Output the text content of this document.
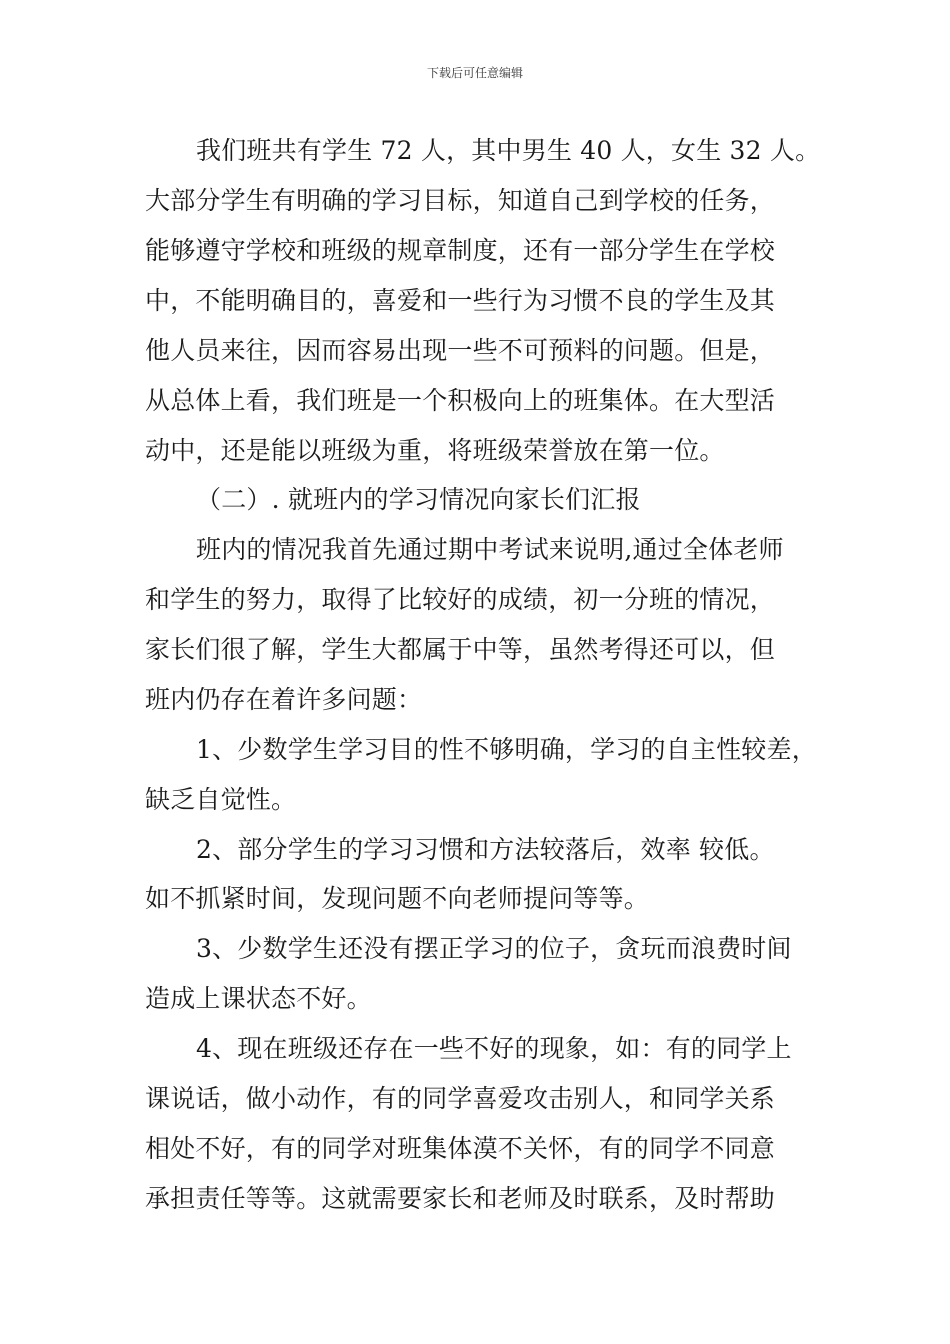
下载后可任意编辑
我们班共有学生 72 人，其中男生 40 人，女生 32 人。
大部分学生有明确的学习目标，知道自己到学校的任务，
能够遵守学校和班级的规章制度，还有一部分学生在学校
中，不能明确目的，喜爱和一些行为习惯不良的学生及其
他人员来往，因而容易出现一些不可预料的问题。但是，
从总体上看，我们班是一个积极向上的班集体。在大型活
动中，还是能以班级为重，将班级荣誉放在第一位。
（二）. 就班内的学习情况向家长们汇报
班内的情况我首先通过期中考试来说明,通过全体老师
和学生的努力，取得了比较好的成绩，初一分班的情况，
家长们很了解，学生大都属于中等，虽然考得还可以，但
班内仍存在着许多问题：
1、少数学生学习目的性不够明确，学习的自主性较差，
缺乏自觉性。
2、部分学生的学习习惯和方法较落后，效率 较低。
如不抓紧时间，发现问题不向老师提问等等。
3、少数学生还没有摆正学习的位子，贪玩而浪费时间
造成上课状态不好。
4、现在班级还存在一些不好的现象，如：有的同学上
课说话，做小动作，有的同学喜爱攻击别人，和同学关系
相处不好，有的同学对班集体漠不关怀，有的同学不同意
承担责任等等。这就需要家长和老师及时联系，及时帮助
